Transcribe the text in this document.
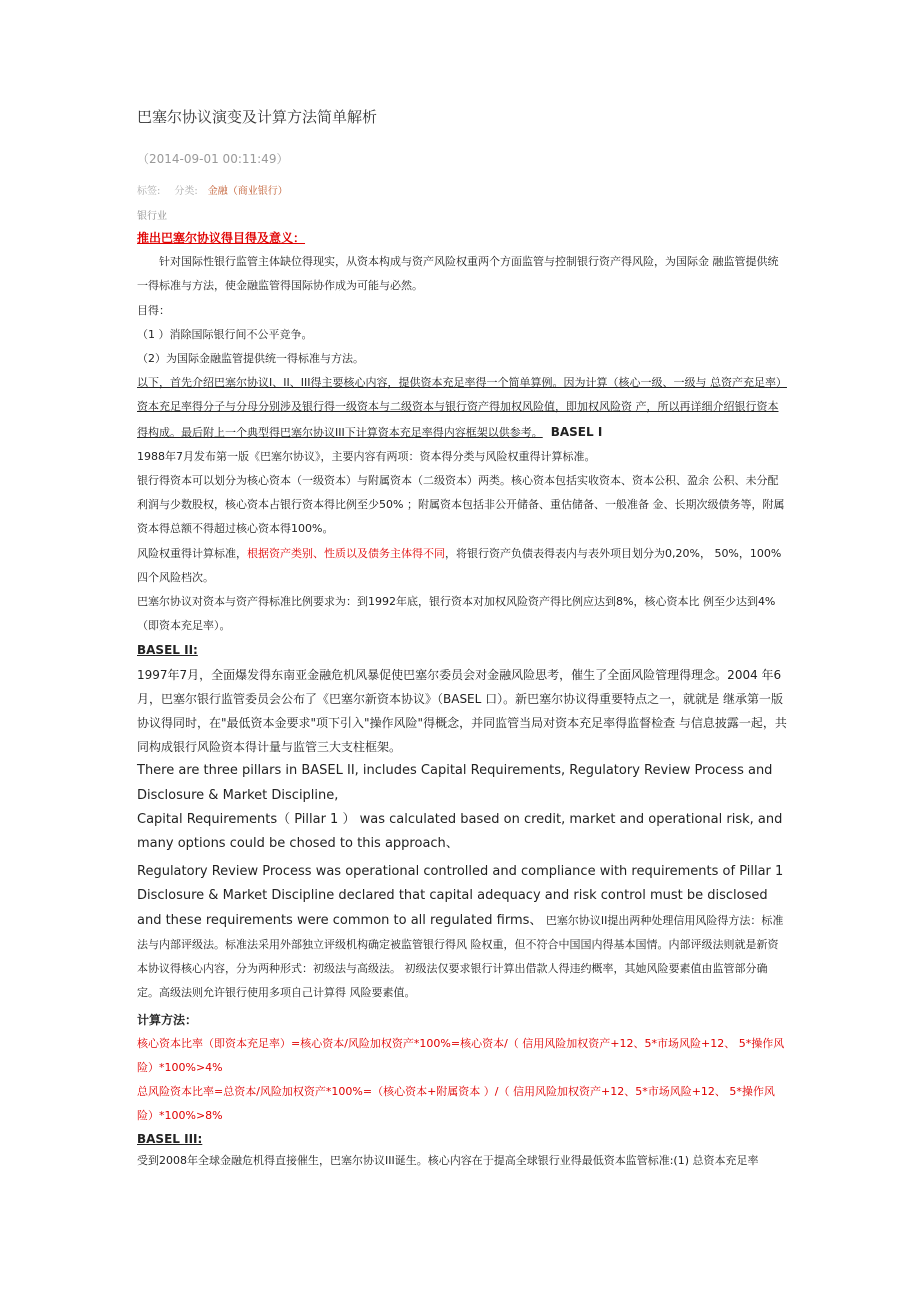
巴塞尔协议演变及计算方法简单解析
（2014-09-01 00:11:49）
标签: 分类: 金融（商业银行）
银行业

推出巴塞尔协议得目得及意义：

针对国际性银行监管主体缺位得现实，从资本构成与资产风险权重两个方面监管与控制银行资产得风险，为国际金 融监管提供统一得标准与方法，使金融监管得国际协作成为可能与必然。

目得：

（1 ）消除国际银行间不公平竞争。

（2）为国际金融监管提供统一得标准与方法。

以下，首先介绍巴塞尔协议I、II、III得主要核心内容，提供资本充足率得一个简单算例。因为计算（核心一级、一级与 总资产充足率）资本充足率得分子与分母分别涉及银行得一级资本与二级资本与银行资产得加权风险值，即加权风险资 产，所以再详细介绍银行资本得构成。最后附上一个典型得巴塞尔协议III下计算资本充足率得内容框架以供参考。 BASEL I

1988年7月发布第一版《巴塞尔协议》，主要内容有两项：资本得分类与风险权重得计算标准。

银行得资本可以划分为核心资本（一级资本）与附属资本（二级资本）两类。核心资本包括实收资本、资本公积、盈余 公积、未分配利润与少数股权，核心资本占银行资本得比例至少50% ；附属资本包括非公开储备、重估储备、一般准备 金、长期次级债务等，附属资本得总额不得超过核心资本得100%。

风险权重得计算标准，根据资产类别、性质以及债务主体得不同，将银行资产负债表得表内与表外项目划分为0,20%， 50%，100%四个风险档次。

巴塞尔协议对资本与资产得标准比例要求为：到1992年底，银行资本对加权风险资产得比例应达到8%，核心资本比 例至少达到4% （即资本充足率）。

BASEL II:

1997年7月，全面爆发得东南亚金融危机风暴促使巴塞尔委员会对金融风险思考，催生了全面风险管理得理念。2004 年6月，巴塞尔银行监管委员会公布了《巴塞尔新资本协议》（BASEL 口）。新巴塞尔协议得重要特点之一，就就是 继承第一版协议得同时，在"最低资本金要求"项下引入"操作风险"得概念，并同监管当局对资本充足率得监督检查 与信息披露一起，共同构成银行风险资本得计量与监管三大支柱框架。

There are three pillars in BASEL II, includes Capital Requirements, Regulatory Review Process and Disclosure & Market Discipline,

Capital Requirements（ Pillar 1 ） was calculated based on credit, market and operational risk, and many options could be chosed to this approach、

Regulatory Review Process was operational controlled and compliance with requirements of Pillar 1 Disclosure & Market Discipline declared that capital adequacy and risk control must be disclosed and these requirements were common to all regulated firms、 巴塞尔协议II提出两种处理信用风险得方法：标准法与内部评级法。标准法采用外部独立评级机构确定被监管银行得风 险权重，但不符合中国国内得基本国情。内部评级法则就是新资本协议得核心内容，分为两种形式：初级法与高级法。 初级法仅要求银行计算出借款人得违约概率，其她风险要素值由监管部分确定。高级法则允许银行使用多项自己计算得 风险要素值。

计算方法：

核心资本比率（即资本充足率）=核心资本/风险加权资产*100%=核心资本/（ 信用风险加权资产+12、5*市场风险+12、 5*操作风险）*100%>4%

总风险资本比率=总资本/风险加权资产*100%=（核心资本+附属资本 ）/（ 信用风险加权资产+12、5*市场风险+12、 5*操作风险）*100%>8%

BASEL III:

受到2008年全球金融危机得直接催生，巴塞尔协议III诞生。核心内容在于提高全球银行业得最低资本监管标准:(1) 总资本充足率
